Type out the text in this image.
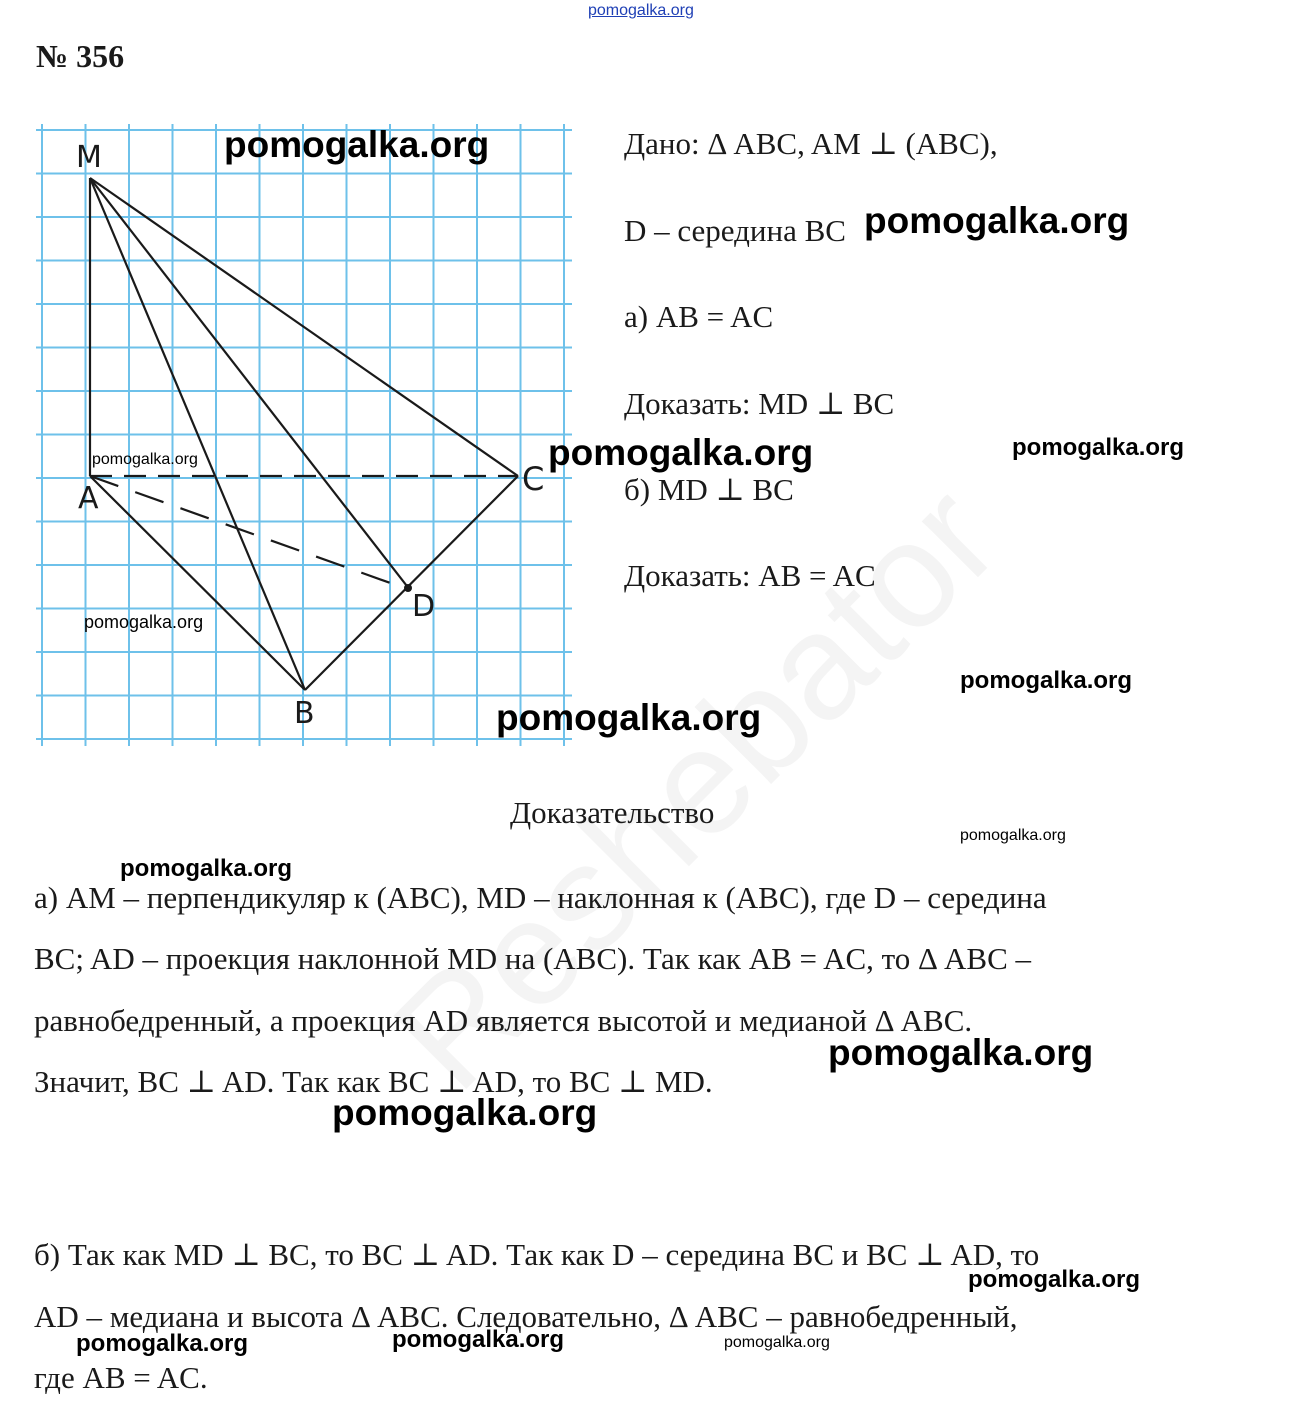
pomogalka.org
№ 356
M
A
B
C
D
Дано: Δ ABC, AM ⊥ (ABC),
D – середина BC
а) AB = AC
Доказать: MD ⊥ BC
б) MD ⊥ BC
Доказать: AB = AC
Доказательство
а) AM – перпендикуляр к (ABC), MD – наклонная к (ABC), где D – середина
BC; AD – проекция наклонной MD на (ABC). Так как AB = AC, то Δ ABC –
равнобедренный, а проекция AD является высотой и медианой Δ ABC.
Значит, BC ⊥ AD. Так как BC ⊥ AD, то BC ⊥ MD.
б) Так как MD ⊥ BC, то BC ⊥ AD. Так как D – середина BC и BC ⊥ AD, то
AD – медиана и высота Δ ABC. Следовательно, Δ ABC – равнобедренный,
где AB = AC.
pomogalka.org
pomogalka.org
pomogalka.org	pomogalka.org
pomogalka.org
pomogalka.org
pomogalka.org
pomogalka.org
pomogalka.org
pomogalka.org
pomogalka.org
pomogalka.org
pomogalka.org
pomogalka.org	pomogalka.org	pomogalka.org
